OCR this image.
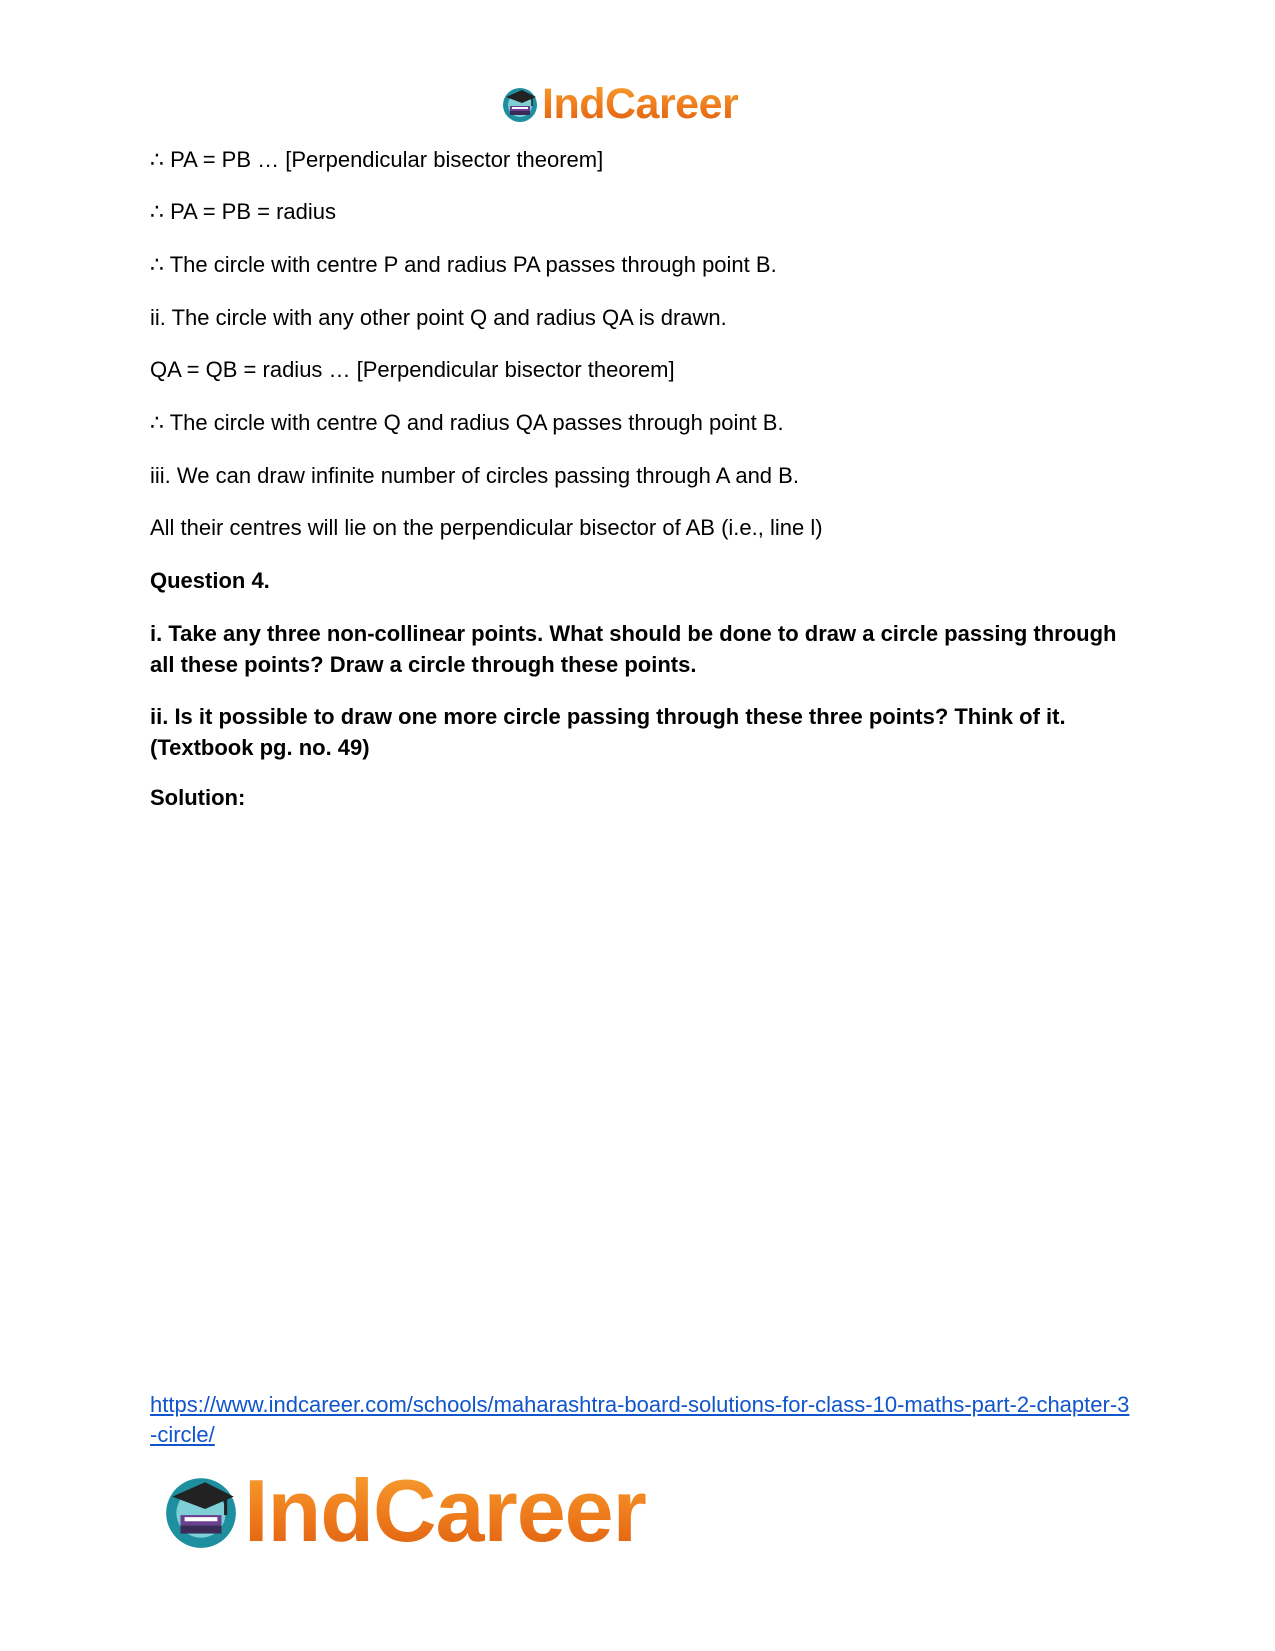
IndCareer

∴ PA = PB … [Perpendicular bisector theorem]

∴ PA = PB = radius

∴ The circle with centre P and radius PA passes through point B.

ii. The circle with any other point Q and radius QA is drawn.

QA = QB = radius … [Perpendicular bisector theorem]

∴ The circle with centre Q and radius QA passes through point B.

iii. We can draw infinite number of circles passing through A and B.

All their centres will lie on the perpendicular bisector of AB (i.e., line l)

Question 4.

i. Take any three non-collinear points. What should be done to draw a circle passing through all these points? Draw a circle through these points.

ii. Is it possible to draw one more circle passing through these three points? Think of it. (Textbook pg. no. 49)

Solution:

https://www.indcareer.com/schools/maharashtra-board-solutions-for-class-10-maths-part-2-chapter-3-circle/
IndCareer
